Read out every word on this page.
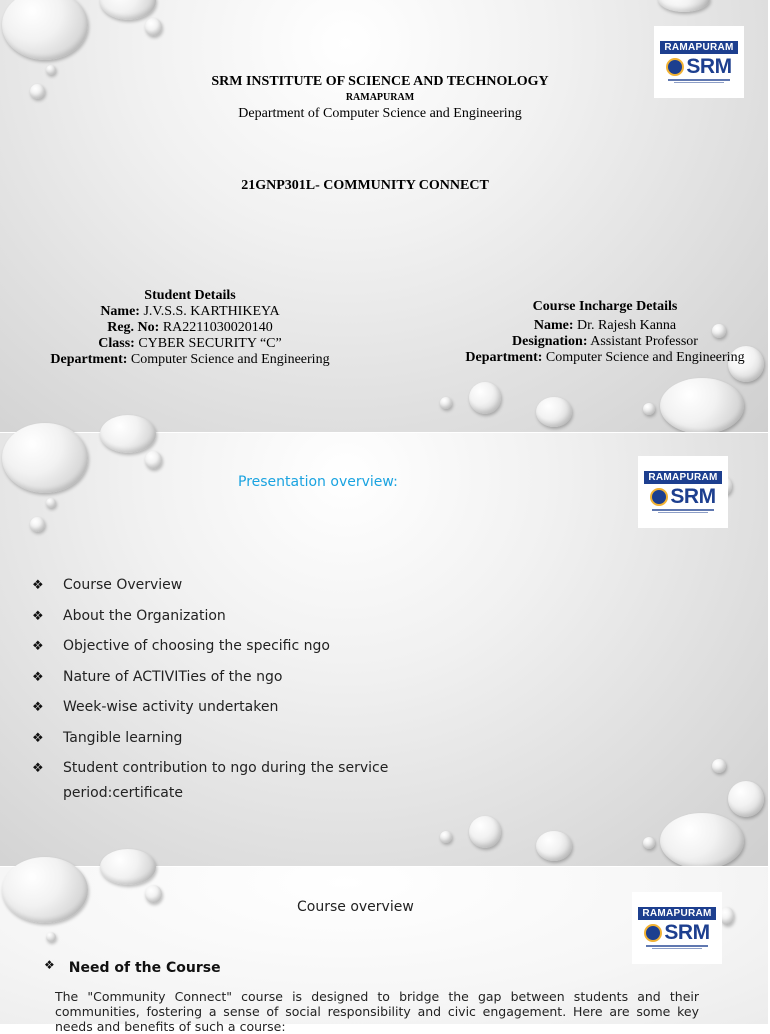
RAMAPURAM
SRM
SRM INSTITUTE OF SCIENCE AND TECHNOLOGY
RAMAPURAM
Department of Computer Science and Engineering
21GNP301L- COMMUNITY CONNECT
Student Details
Name: J.V.S.S. KARTHIKEYA
Reg. No: RA2211030020140
Class: CYBER SECURITY “C”
Department: Computer Science and Engineering
Course Incharge Details
Name: Dr. Rajesh Kanna
Designation: Assistant Professor
Department: Computer Science and Engineering
RAMAPURAM
SRM
Presentation overview:
❖ Course Overview
❖ About the Organization
❖ Objective of choosing the specific ngo
❖ Nature of ACTIVITies of the ngo
❖ Week-wise activity undertaken
❖ Tangible learning
❖ Student contribution to ngo during the service period:certificate
RAMAPURAM
SRM
Course overview
❖ Need of the Course
The "Community Connect" course is designed to bridge the gap between students and their communities, fostering a sense of social responsibility and civic engagement. Here are some key needs and benefits of such a course:
